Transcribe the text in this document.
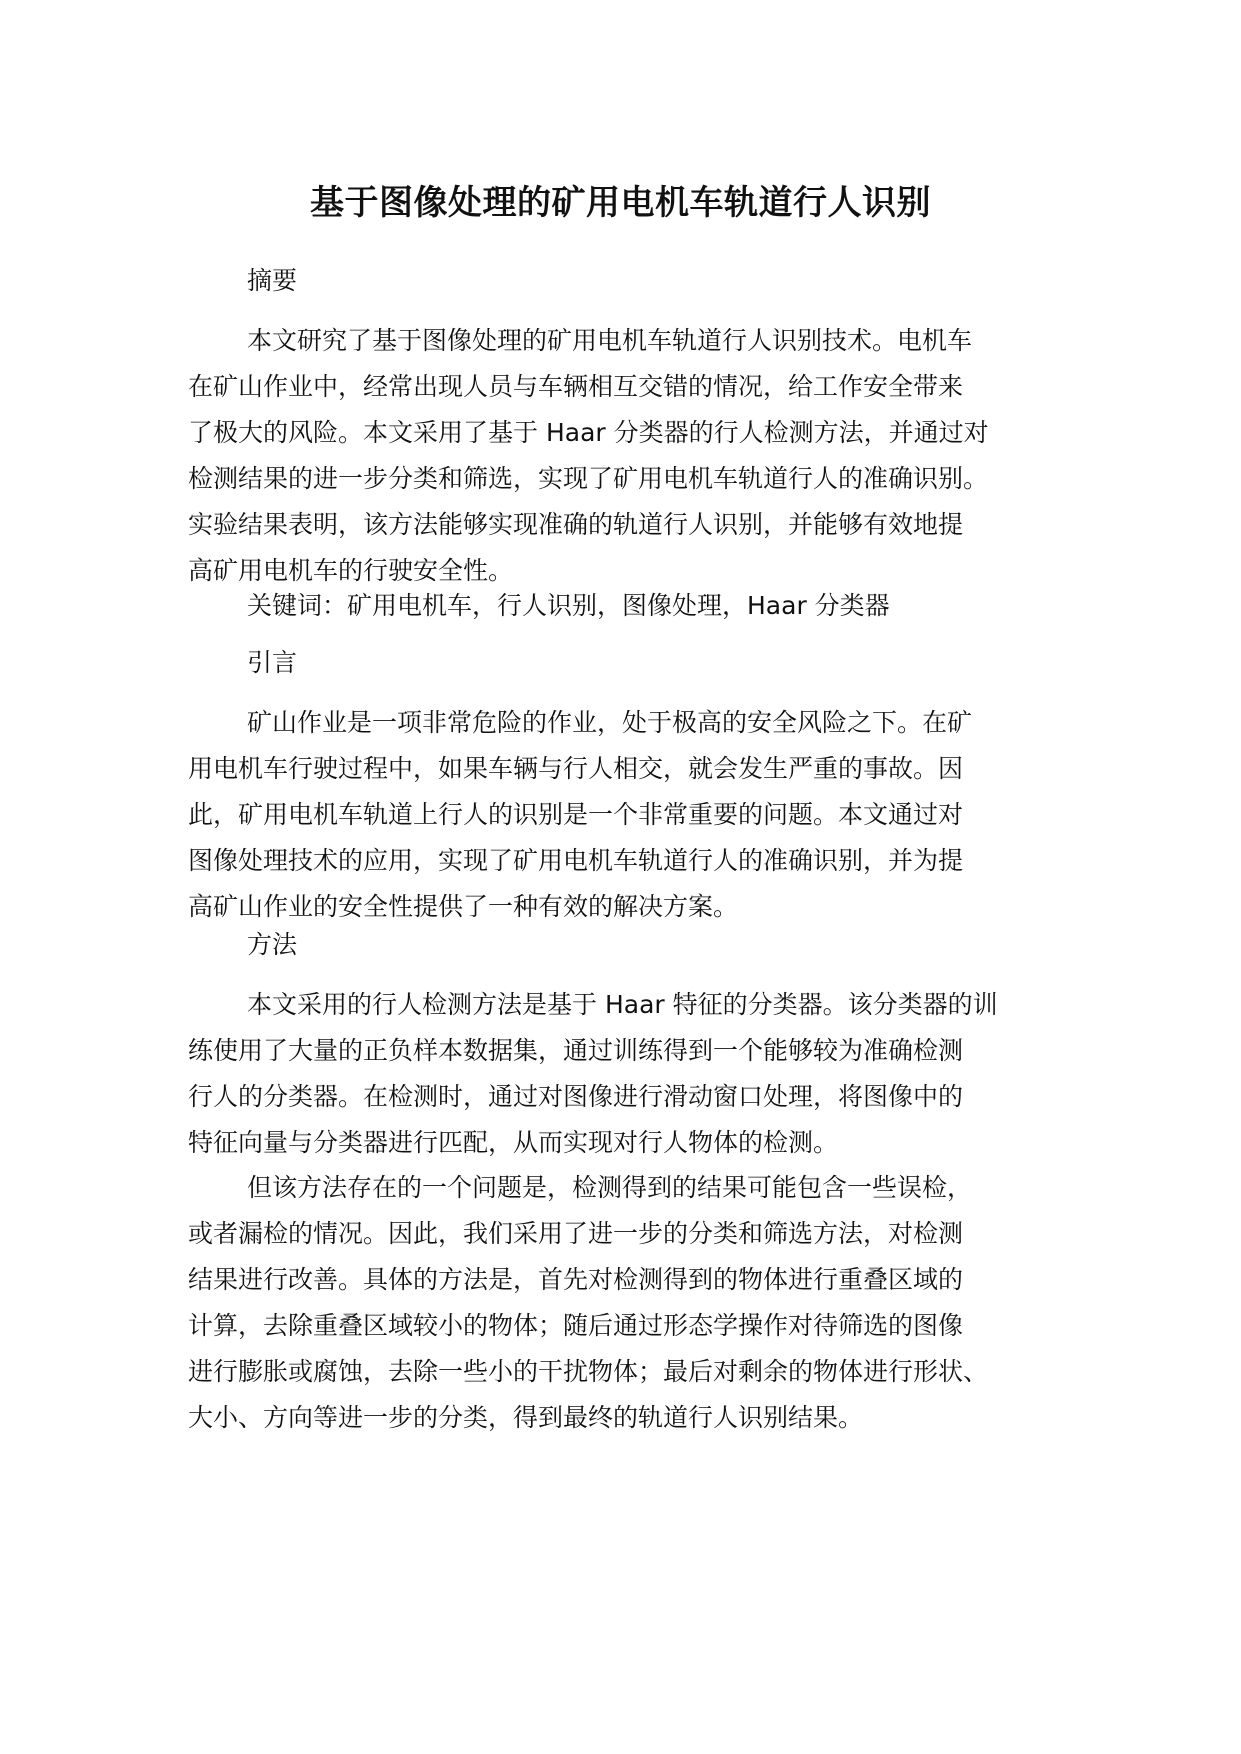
基于图像处理的矿用电机车轨道行人识别

摘要

本文研究了基于图像处理的矿用电机车轨道行人识别技术。电机车
在矿山作业中，经常出现人员与车辆相互交错的情况，给工作安全带来
了极大的风险。本文采用了基于 Haar 分类器的行人检测方法，并通过对
检测结果的进一步分类和筛选，实现了矿用电机车轨道行人的准确识别。
实验结果表明，该方法能够实现准确的轨道行人识别，并能够有效地提
高矿用电机车的行驶安全性。

关键词：矿用电机车，行人识别，图像处理，Haar 分类器

引言

矿山作业是一项非常危险的作业，处于极高的安全风险之下。在矿
用电机车行驶过程中，如果车辆与行人相交，就会发生严重的事故。因
此，矿用电机车轨道上行人的识别是一个非常重要的问题。本文通过对
图像处理技术的应用，实现了矿用电机车轨道行人的准确识别，并为提
高矿山作业的安全性提供了一种有效的解决方案。

方法

本文采用的行人检测方法是基于 Haar 特征的分类器。该分类器的训
练使用了大量的正负样本数据集，通过训练得到一个能够较为准确检测
行人的分类器。在检测时，通过对图像进行滑动窗口处理，将图像中的
特征向量与分类器进行匹配，从而实现对行人物体的检测。
但该方法存在的一个问题是，检测得到的结果可能包含一些误检，
或者漏检的情况。因此，我们采用了进一步的分类和筛选方法，对检测
结果进行改善。具体的方法是，首先对检测得到的物体进行重叠区域的
计算，去除重叠区域较小的物体；随后通过形态学操作对待筛选的图像
进行膨胀或腐蚀，去除一些小的干扰物体；最后对剩余的物体进行形状、
大小、方向等进一步的分类，得到最终的轨道行人识别结果。
